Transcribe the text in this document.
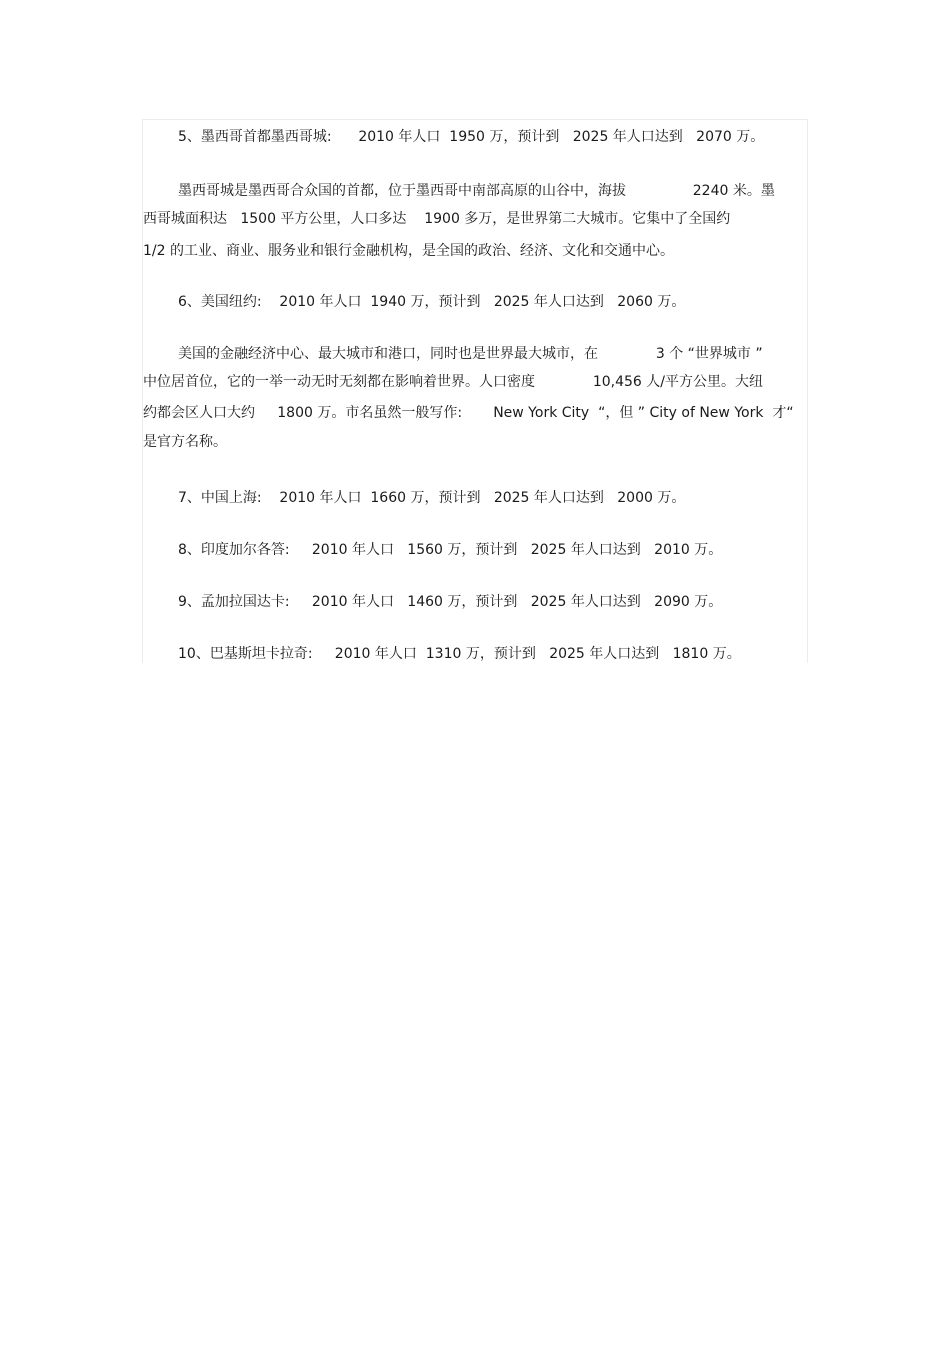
5、墨西哥首都墨西哥城:      2010 年人口  1950 万，预计到   2025 年人口达到   2070 万。
墨西哥城是墨西哥合众国的首都，位于墨西哥中南部高原的山谷中，海拔               2240 米。墨
西哥城面积达   1500 平方公里，人口多达    1900 多万，是世界第二大城市。它集中了全国约
1/2 的工业、商业、服务业和银行金融机构，是全国的政治、经济、文化和交通中心。
6、美国纽约:    2010 年人口  1940 万，预计到   2025 年人口达到   2060 万。
美国的金融经济中心、最大城市和港口，同时也是世界最大城市，在             3 个 “世界城市 ”
中位居首位，它的一举一动无时无刻都在影响着世界。人口密度             10,456 人/平方公里。大纽
约都会区人口大约     1800 万。市名虽然一般写作:       New York City  “，但 ” City of New York  才“
是官方名称。
7、中国上海:    2010 年人口  1660 万，预计到   2025 年人口达到   2000 万。
8、印度加尔各答:     2010 年人口   1560 万，预计到   2025 年人口达到   2010 万。
9、孟加拉国达卡:     2010 年人口   1460 万，预计到   2025 年人口达到   2090 万。
10、巴基斯坦卡拉奇:     2010 年人口  1310 万，预计到   2025 年人口达到   1810 万。
